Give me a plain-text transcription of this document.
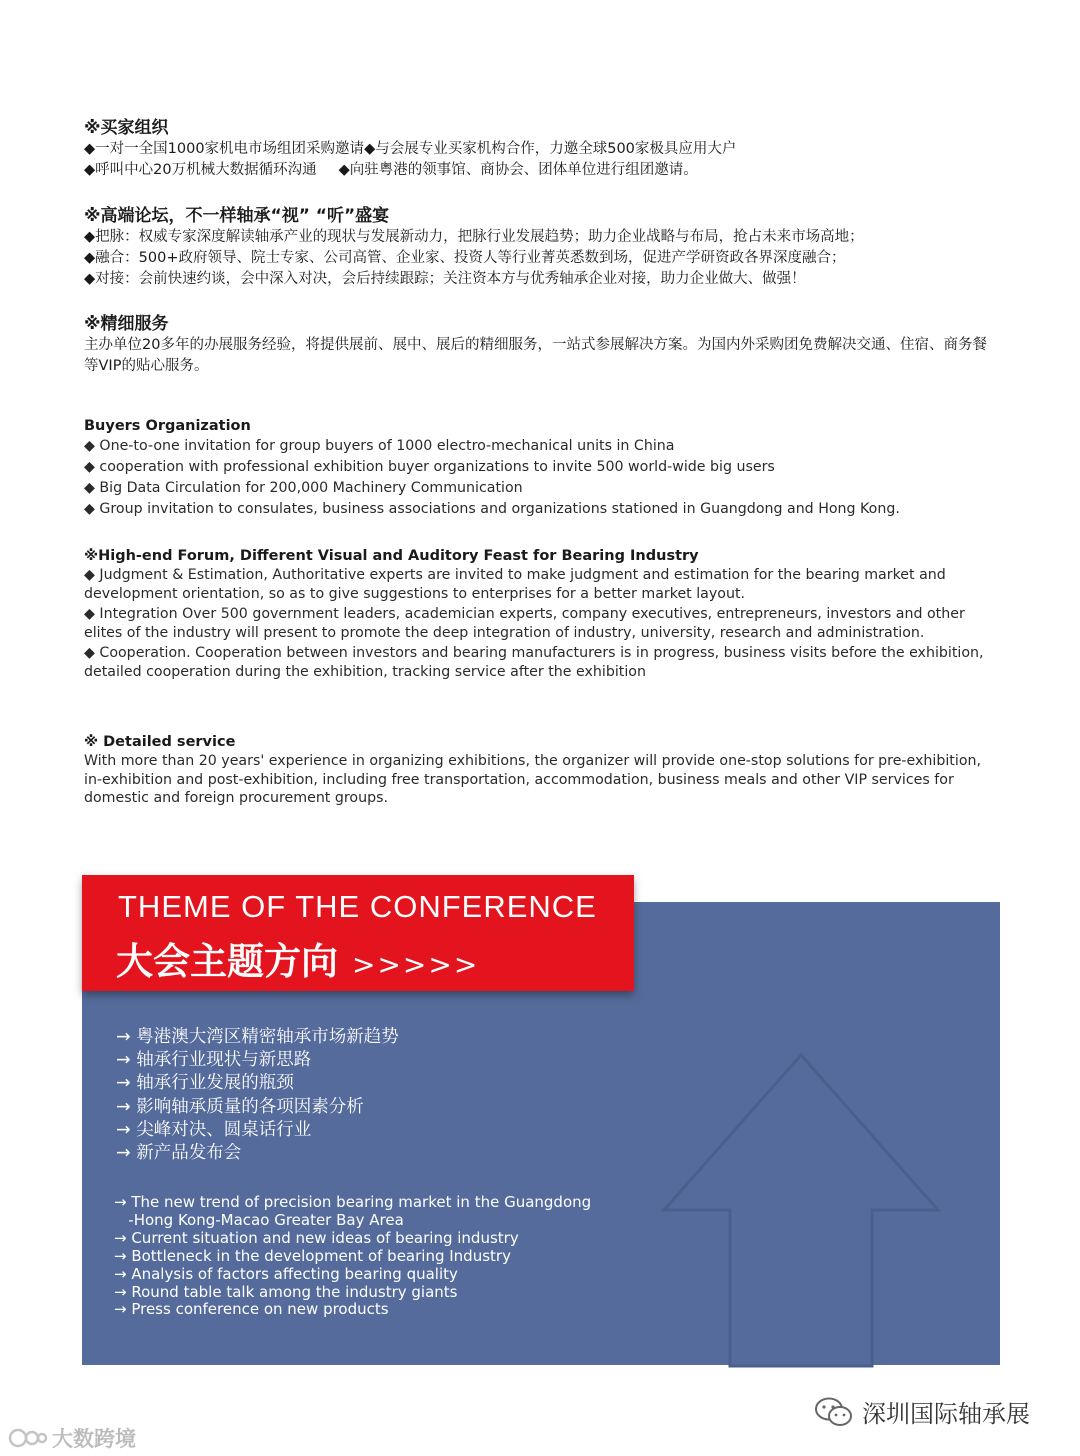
※买家组织
◆一对一全国1000家机电市场组团采购邀请 ◆与会展专业买家机构合作，力邀全球500家极具应用大户
◆呼叫中心20万机械大数据循环沟通 ◆向驻粤港的领事馆、商协会、团体单位进行组团邀请。
※高端论坛，不一样轴承“视” “听”盛宴
◆把脉：权威专家深度解读轴承产业的现状与发展新动力，把脉行业发展趋势；助力企业战略与布局，抢占未来市场高地；
◆融合：500+政府领导、院士专家、公司高管、企业家、投资人等行业菁英悉数到场，促进产学研资政各界深度融合；
◆对接：会前快速约谈，会中深入对决，会后持续跟踪；关注资本方与优秀轴承企业对接，助力企业做大、做强！
※精细服务
主办单位20多年的办展服务经验，将提供展前、展中、展后的精细服务，一站式参展解决方案。为国内外采购团免费解决交通、住宿、商务餐等VIP的贴心服务。
Buyers Organization
◆ One-to-one invitation for group buyers of 1000 electro-mechanical units in China
◆ cooperation with professional exhibition buyer organizations to invite 500 world-wide big users
◆ Big Data Circulation for 200,000 Machinery Communication
◆ Group invitation to consulates, business associations and organizations stationed in Guangdong and Hong Kong.
※High-end Forum, Different Visual and Auditory Feast for Bearing Industry
◆ Judgment & Estimation, Authoritative experts are invited to make judgment and estimation for the bearing market and development orientation, so as to give suggestions to enterprises for a better market layout.
◆ Integration Over 500 government leaders, academician experts, company executives, entrepreneurs, investors and other elites of the industry will present to promote the deep integration of industry, university, research and administration.
◆ Cooperation. Cooperation between investors and bearing manufacturers is in progress, business visits before the exhibition, detailed cooperation during the exhibition, tracking service after the exhibition
※ Detailed service
With more than 20 years' experience in organizing exhibitions, the organizer will provide one-stop solutions for pre-exhibition, in-exhibition and post-exhibition, including free transportation, accommodation, business meals and other VIP services for domestic and foreign procurement groups.
THEME OF THE CONFERENCE
大会主题方向 >>>>>
→ 粤港澳大湾区精密轴承市场新趋势
→ 轴承行业现状与新思路
→ 轴承行业发展的瓶颈
→ 影响轴承质量的各项因素分析
→ 尖峰对决、圆桌话行业
→ 新产品发布会
→ The new trend of precision bearing market in the Guangdong
-Hong Kong-Macao Greater Bay Area
→ Current situation and new ideas of bearing industry
→ Bottleneck in the development of bearing Industry
→ Analysis of factors affecting bearing quality
→ Round table talk among the industry giants
→ Press conference on new products
深圳国际轴承展
大数跨境
